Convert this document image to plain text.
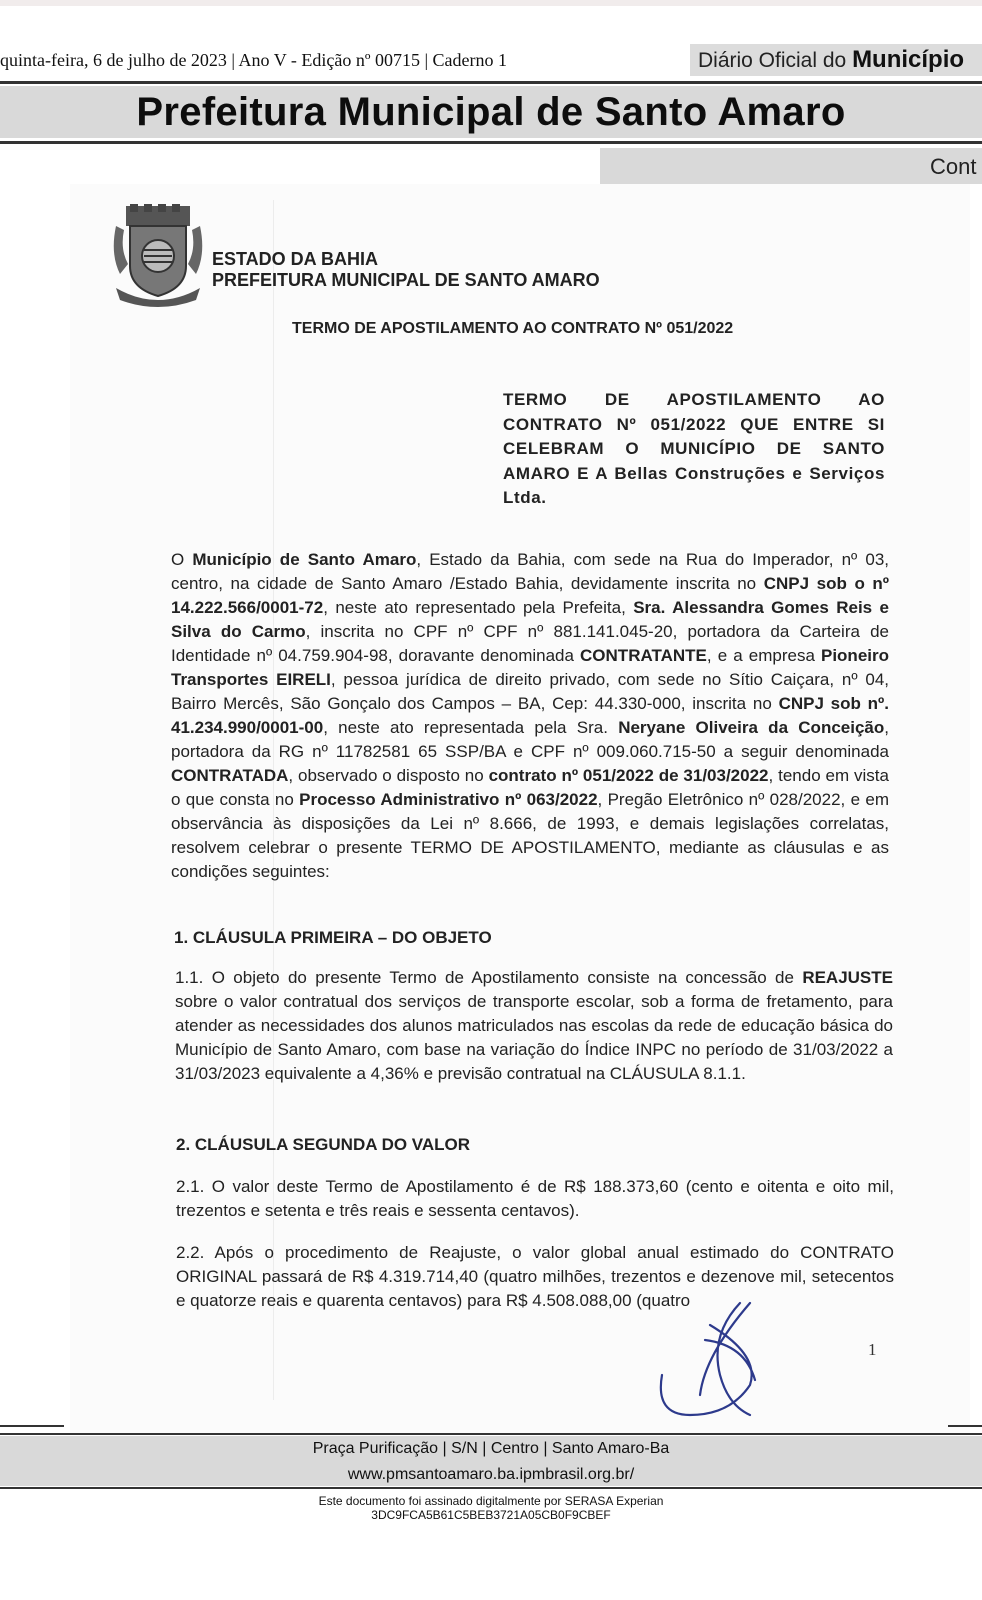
quinta-feira, 6 de julho de 2023 | Ano V - Edição nº 00715 | Caderno 1	Diário Oficial do Município
Prefeitura Municipal de Santo Amaro
Cont
ESTADO DA BAHIA
PREFEITURA MUNICIPAL DE SANTO AMARO
TERMO DE APOSTILAMENTO AO CONTRATO Nº 051/2022
TERMO DE APOSTILAMENTO AO CONTRATO Nº 051/2022 QUE ENTRE SI CELEBRAM O MUNICÍPIO DE SANTO AMARO E A Bellas Construções e Serviços Ltda.
O Município de Santo Amaro, Estado da Bahia, com sede na Rua do Imperador, nº 03, centro, na cidade de Santo Amaro /Estado Bahia, devidamente inscrita no CNPJ sob o nº 14.222.566/0001-72, neste ato representado pela Prefeita, Sra. Alessandra Gomes Reis e Silva do Carmo, inscrita no CPF nº CPF nº 881.141.045-20, portadora da Carteira de Identidade nº 04.759.904-98, doravante denominada CONTRATANTE, e a empresa Pioneiro Transportes EIRELI, pessoa jurídica de direito privado, com sede no Sítio Caiçara, nº 04, Bairro Mercês, São Gonçalo dos Campos – BA, Cep: 44.330-000, inscrita no CNPJ sob nº. 41.234.990/0001-00, neste ato representada pela Sra. Neryane Oliveira da Conceição, portadora da RG nº 11782581 65 SSP/BA e CPF nº 009.060.715-50 a seguir denominada CONTRATADA, observado o disposto no contrato nº 051/2022 de 31/03/2022, tendo em vista o que consta no Processo Administrativo nº 063/2022, Pregão Eletrônico nº 028/2022, e em observância às disposições da Lei nº 8.666, de 1993, e demais legislações correlatas, resolvem celebrar o presente TERMO DE APOSTILAMENTO, mediante as cláusulas e as condições seguintes:
1. CLÁUSULA PRIMEIRA – DO OBJETO
1.1. O objeto do presente Termo de Apostilamento consiste na concessão de REAJUSTE sobre o valor contratual dos serviços de transporte escolar, sob a forma de fretamento, para atender as necessidades dos alunos matriculados nas escolas da rede de educação básica do Município de Santo Amaro, com base na variação do Índice INPC no período de 31/03/2022 a 31/03/2023 equivalente a 4,36% e previsão contratual na CLÁUSULA 8.1.1.
2. CLÁUSULA SEGUNDA DO VALOR
2.1. O valor deste Termo de Apostilamento é de R$ 188.373,60 (cento e oitenta e oito mil, trezentos e setenta e três reais e sessenta centavos).
2.2. Após o procedimento de Reajuste, o valor global anual estimado do CONTRATO ORIGINAL passará de R$ 4.319.714,40 (quatro milhões, trezentos e dezenove mil, setecentos e quatorze reais e quarenta centavos) para R$ 4.508.088,00 (quatro
1
Praça Purificação | S/N | Centro | Santo Amaro-Ba
www.pmsantoamaro.ba.ipmbrasil.org.br/
Este documento foi assinado digitalmente por SERASA Experian
3DC9FCA5B61C5BEB3721A05CB0F9CBEF
